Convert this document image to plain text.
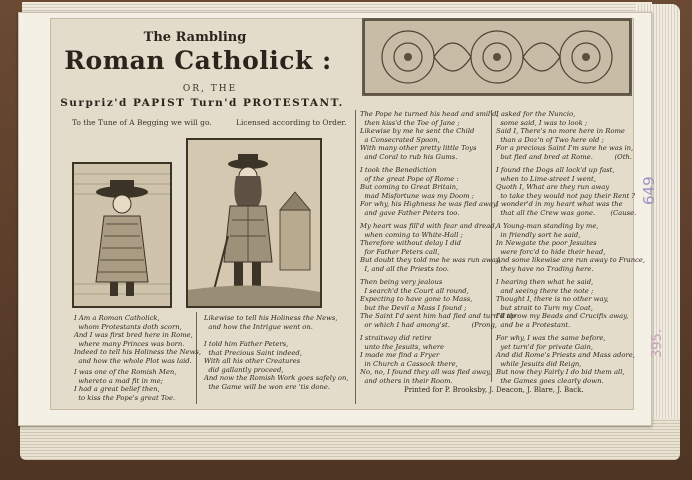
649
395.
The Rambling
Roman Catholick :
OR, THE
Surpriz'd PAPIST Turn'd PROTESTANT.
To the Tune of A Begging we will go.	Licensed according to Order.
I Am a Roman Catholick,
whom Protestants doth scorn,
And I was first bred here in Rome,
where many Princes was born.
Indeed to tell his Holiness the News,
and how the whole Plot was laid.
I was one of the Romish Men,
whereto a mad fit in me;
I had a great belief then,
to kiss the Pope's great Toe.
Likewise to tell his Holiness the News,
and how the Intrigue went on.
I told him Father Peters,
that Precious Saint indeed,
With all his other Creatures
did gallantly proceed,
And now the Romish Work goes safely on,
the Game will be won ere 'tis done.
The Pope he turned his head and smil'd,
then kiss'd the Toe of Jane ;
Likewise by me he sent the Child
a Consecrated Spoon,
With many other pretty little Toys
and Coral to rub his Gums.
I took the Benediction
of the great Pope of Rome :
But coming to Great Britain,
mad Misfortune was my Doom ;
For why, his Highness he was fled away,
and gave Father Peters too.
My heart was fill'd with fear and dread,
when coming to White-Hall ;
Therefore without delay I did
for Father Peters call,
But doubt they told me he was run away,
I, and all the Priests too.
Then being very jealous
I search'd the Court all round,
Expecting to have gone to Mass,
but the Devil a Mass I found ;
The Saint I'd sent him had fled and turn'd up
or which I had among'st.          (Prong,
I straitway did retire
unto the Jesuits, where
I made me find a Fryer
in Church a Cassock there,
No, no, I found they all was fled away,
and others in their Room.
I asked for the Nuncio,
some said, I was to look ;
Said I, There's no more here in Rome
than a Doz'n of Two here old ;
For a precious Saint I'm sure he was in,
but fled and bred at Rome.          (Oth.
I found the Dogs all lock'd up fast,
when to Lime-street I went,
Quoth I, What are they run away
to take they would not pay their Rent ?
I wonder'd in my heart what was the
that all the Crew was gone.       (Cause.
A Young-man standing by me,
in friendly sort he said,
In Newgate the poor Jesuites
were forc'd to hide their head,
And some likewise are run away to France,
they have no Trading here.
I hearing then what he said,
and seeing there the note ;
Thought I, there is no other way,
but strait to Turn my Coat,
I'll throw my Beads and Crucifix away,
and be a Protestant.
For why, I was the same before,
yet turn'd for private Gain,
And did Rome's Priests and Mass adore,
while Jesuits did Reign,
But now they Fairly I do bid them all,
the Games goes clearly down.
Printed for P. Brooksby, J. Deacon, J. Blare, J. Back.
